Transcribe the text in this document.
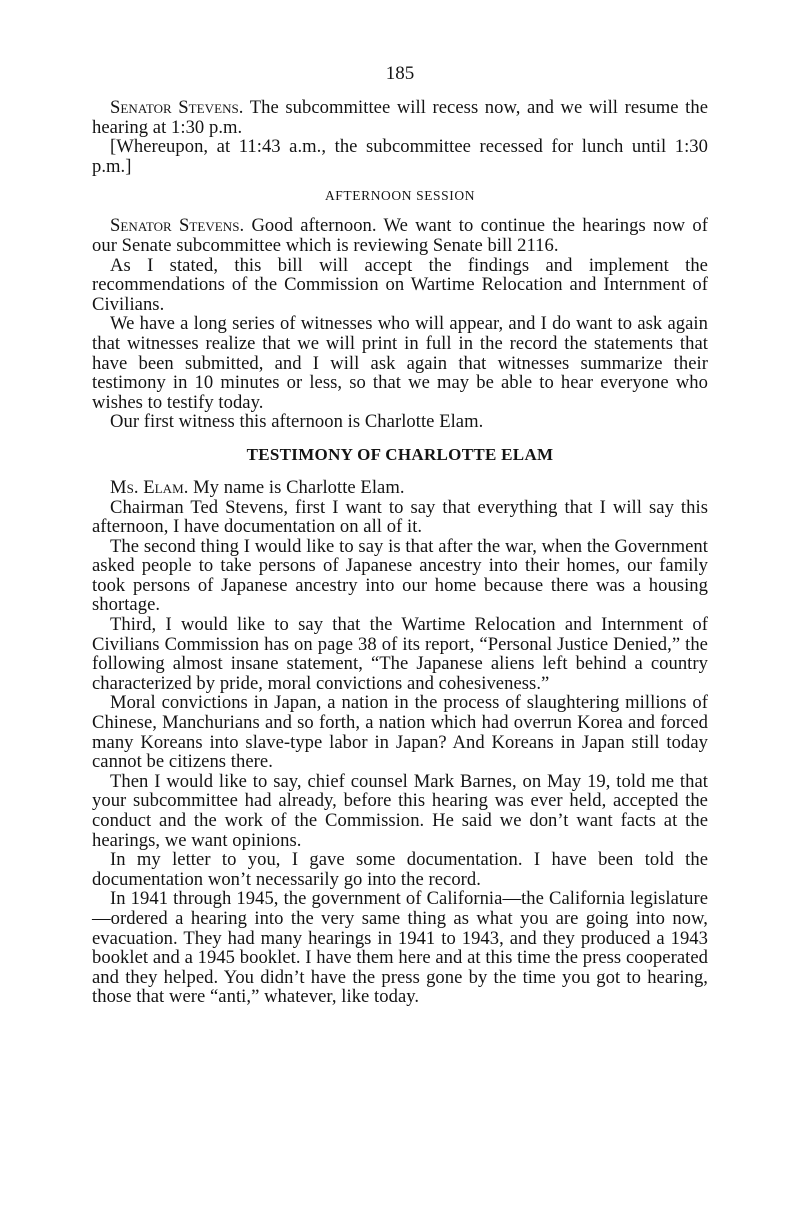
185

Senator Stevens. The subcommittee will recess now, and we will resume the hearing at 1:30 p.m.

[Whereupon, at 11:43 a.m., the subcommittee recessed for lunch until 1:30 p.m.]

AFTERNOON SESSION

Senator Stevens. Good afternoon. We want to continue the hearings now of our Senate subcommittee which is reviewing Senate bill 2116.

As I stated, this bill will accept the findings and implement the recommendations of the Commission on Wartime Relocation and Internment of Civilians.

We have a long series of witnesses who will appear, and I do want to ask again that witnesses realize that we will print in full in the record the statements that have been submitted, and I will ask again that witnesses summarize their testimony in 10 minutes or less, so that we may be able to hear everyone who wishes to testify today.

Our first witness this afternoon is Charlotte Elam.

TESTIMONY OF CHARLOTTE ELAM

Ms. Elam. My name is Charlotte Elam.

Chairman Ted Stevens, first I want to say that everything that I will say this afternoon, I have documentation on all of it.

The second thing I would like to say is that after the war, when the Government asked people to take persons of Japanese ancestry into their homes, our family took persons of Japanese ancestry into our home because there was a housing shortage.

Third, I would like to say that the Wartime Relocation and Internment of Civilians Commission has on page 38 of its report, “Personal Justice Denied,” the following almost insane statement, “The Japanese aliens left behind a country characterized by pride, moral convictions and cohesiveness.”

Moral convictions in Japan, a nation in the process of slaughtering millions of Chinese, Manchurians and so forth, a nation which had overrun Korea and forced many Koreans into slave-type labor in Japan? And Koreans in Japan still today cannot be citizens there.

Then I would like to say, chief counsel Mark Barnes, on May 19, told me that your subcommittee had already, before this hearing was ever held, accepted the conduct and the work of the Commission. He said we don’t want facts at the hearings, we want opinions.

In my letter to you, I gave some documentation. I have been told the documentation won’t necessarily go into the record.

In 1941 through 1945, the government of California—the California legislature—ordered a hearing into the very same thing as what you are going into now, evacuation. They had many hearings in 1941 to 1943, and they produced a 1943 booklet and a 1945 booklet. I have them here and at this time the press cooperated and they helped. You didn’t have the press gone by the time you got to hearing, those that were “anti,” whatever, like today.
